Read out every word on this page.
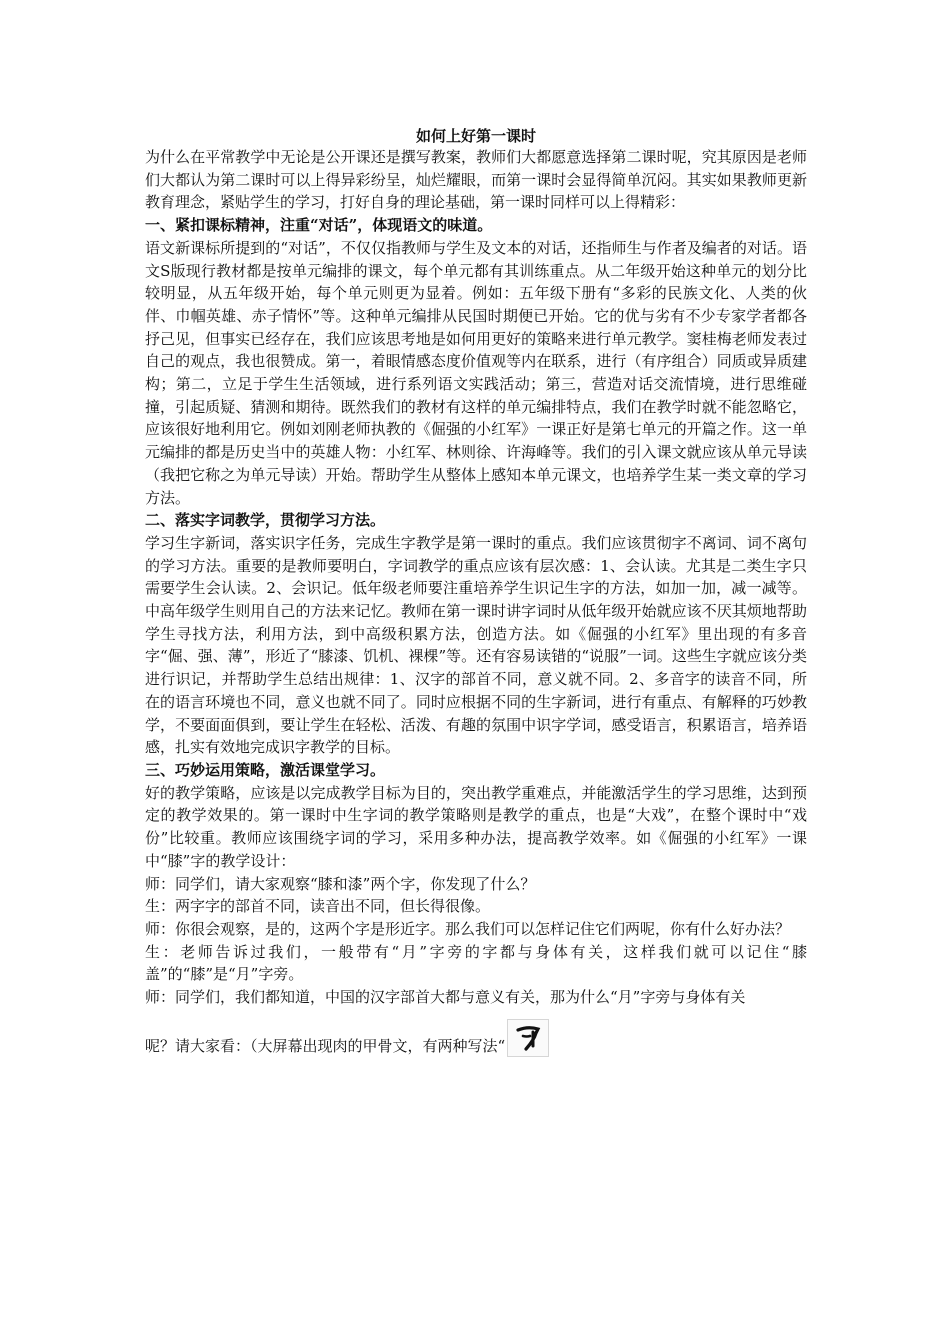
如何上好第一课时

为什么在平常教学中无论是公开课还是撰写教案，教师们大都愿意选择第二课时呢，究其原因是老师们大都认为第二课时可以上得异彩纷呈，灿烂耀眼，而第一课时会显得简单沉闷。其实如果教师更新教育理念，紧贴学生的学习，打好自身的理论基础，第一课时同样可以上得精彩：

一、紧扣课标精神，注重“对话”，体现语文的味道。

语文新课标所提到的“对话”，不仅仅指教师与学生及文本的对话，还指师生与作者及编者的对话。语文S版现行教材都是按单元编排的课文，每个单元都有其训练重点。从二年级开始这种单元的划分比较明显，从五年级开始，每个单元则更为显着。例如：五年级下册有“多彩的民族文化、人类的伙伴、巾帼英雄、赤子情怀”等。这种单元编排从民国时期便已开始。它的优与劣有不少专家学者都各抒己见，但事实已经存在，我们应该思考地是如何用更好的策略来进行单元教学。窦桂梅老师发表过自己的观点，我也很赞成。第一，着眼情感态度价值观等内在联系，进行（有序组合）同质或异质建构；第二，立足于学生生活领域，进行系列语文实践活动；第三，营造对话交流情境，进行思维碰撞，引起质疑、猜测和期待。既然我们的教材有这样的单元编排特点，我们在教学时就不能忽略它，应该很好地利用它。例如刘刚老师执教的《倔强的小红军》一课正好是第七单元的开篇之作。这一单元编排的都是历史当中的英雄人物：小红军、林则徐、许海峰等。我们的引入课文就应该从单元导读（我把它称之为单元导读）开始。帮助学生从整体上感知本单元课文，也培养学生某一类文章的学习方法。

二、落实字词教学，贯彻学习方法。

学习生字新词，落实识字任务，完成生字教学是第一课时的重点。我们应该贯彻字不离词、词不离句的学习方法。重要的是教师要明白，字词教学的重点应该有层次感：1、会认读。尤其是二类生字只需要学生会认读。2、会识记。低年级老师要注重培养学生识记生字的方法，如加一加，减一减等。中高年级学生则用自己的方法来记忆。教师在第一课时讲字词时从低年级开始就应该不厌其烦地帮助学生寻找方法，利用方法，到中高级积累方法，创造方法。如《倔强的小红军》里出现的有多音字“倔、强、薄”，形近了“膝漆、饥机、裸棵”等。还有容易读错的“说服”一词。这些生字就应该分类进行识记，并帮助学生总结出规律：1、汉字的部首不同，意义就不同。2、多音字的读音不同，所在的语言环境也不同，意义也就不同了。同时应根据不同的生字新词，进行有重点、有解释的巧妙教学，不要面面俱到，要让学生在轻松、活泼、有趣的氛围中识字学词，感受语言，积累语言，培养语感，扎实有效地完成识字教学的目标。

三、巧妙运用策略，激活课堂学习。

好的教学策略，应该是以完成教学目标为目的，突出教学重难点，并能激活学生的学习思维，达到预定的教学效果的。第一课时中生字词的教学策略则是教学的重点，也是“大戏”，在整个课时中“戏份”比较重。教师应该围绕字词的学习，采用多种办法，提高教学效率。如《倔强的小红军》一课中“膝”字的教学设计：

师：同学们，请大家观察“膝和漆”两个字，你发现了什么？

生：两字字的部首不同，读音出不同，但长得很像。

师：你很会观察，是的，这两个字是形近字。那么我们可以怎样记住它们两呢，你有什么好办法？

生：老师告诉过我们，一般带有“月”字旁的字都与身体有关，这样我们就可以记住“膝盖”的“膝”是“月”字旁。

师：同学们，我们都知道，中国的汉字部首大都与意义有关，那为什么“月”字旁与身体有关

呢？请大家看：（大屏幕出现肉的甲骨文，有两种写法“
